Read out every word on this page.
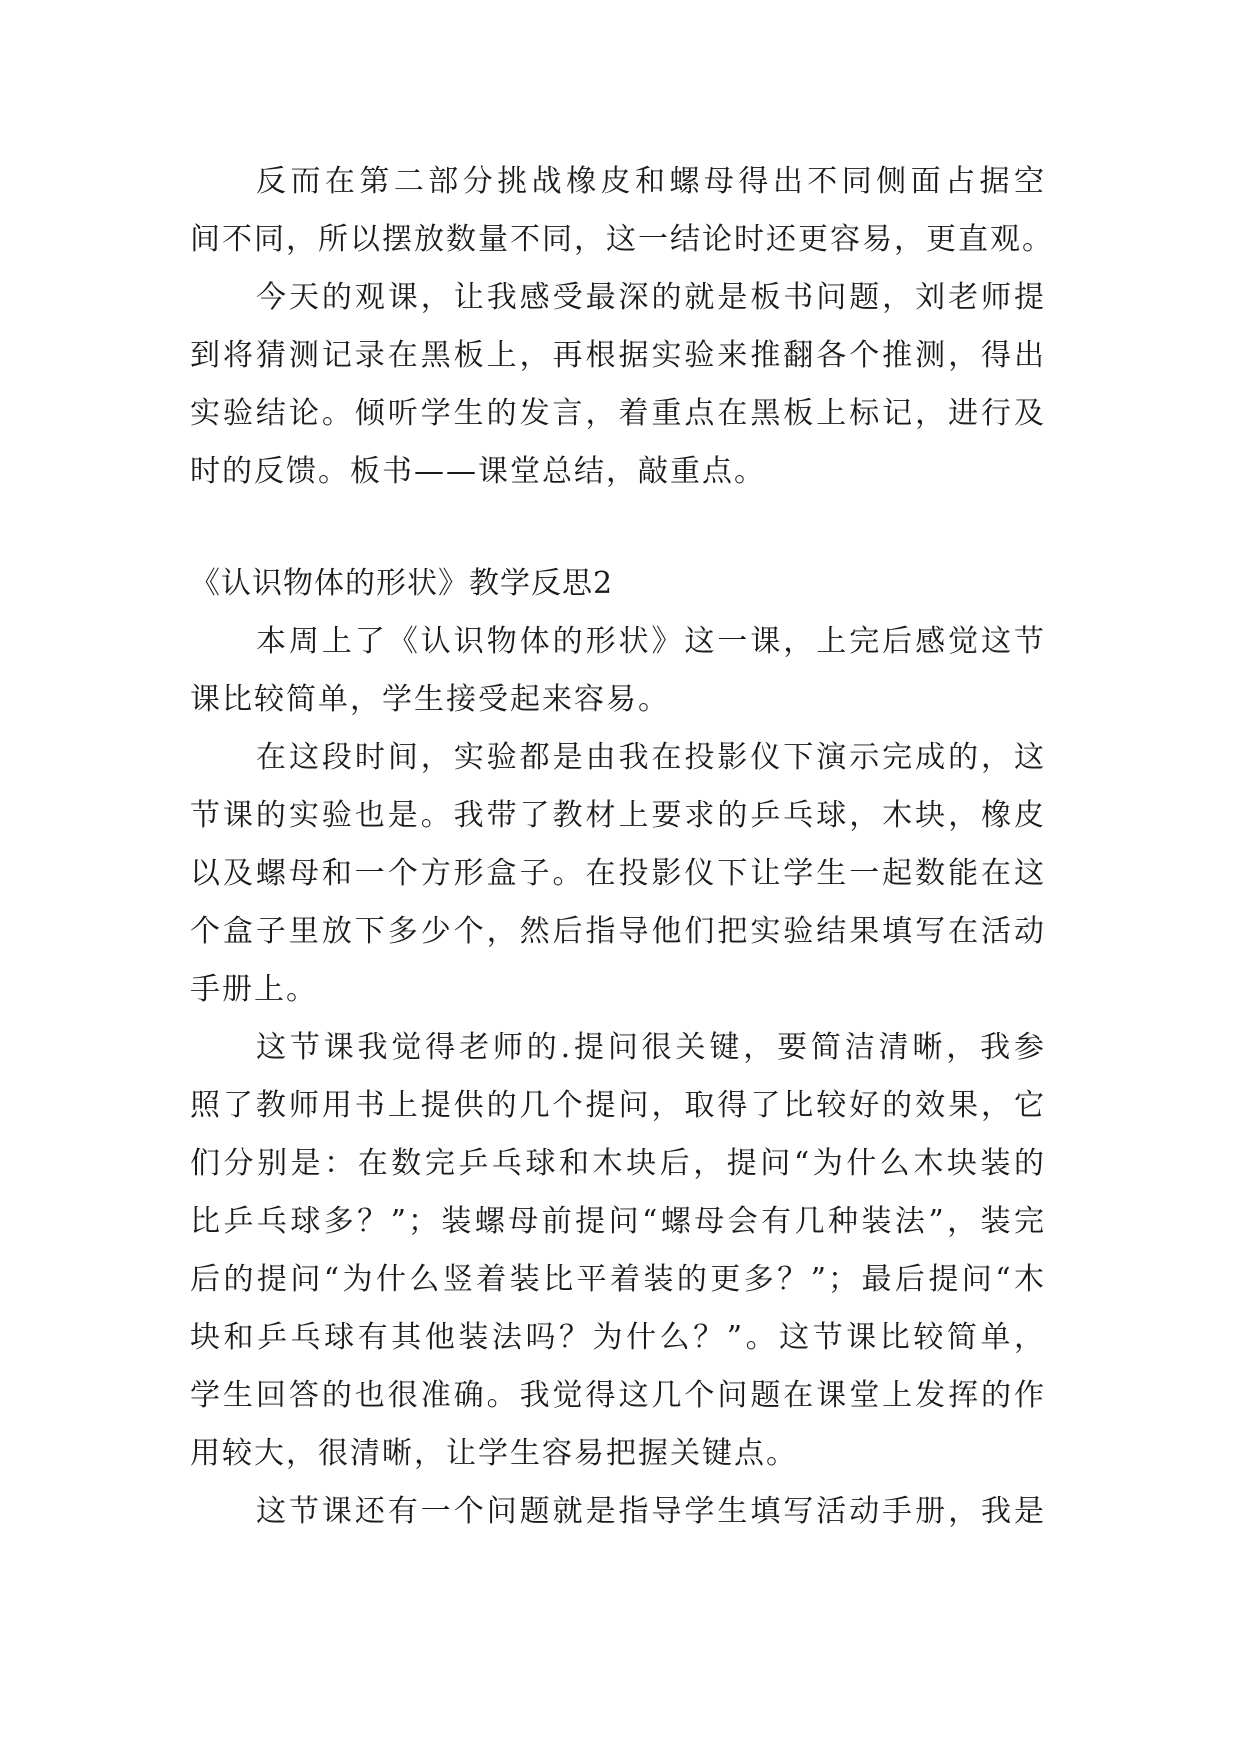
反而在第二部分挑战橡皮和螺母得出不同侧面占据空
间不同，所以摆放数量不同，这一结论时还更容易，更直观。
今天的观课，让我感受最深的就是板书问题，刘老师提
到将猜测记录在黑板上，再根据实验来推翻各个推测，得出
实验结论。倾听学生的发言，着重点在黑板上标记，进行及
时的反馈。板书——课堂总结，敲重点。
《认识物体的形状》教学反思2
本周上了《认识物体的形状》这一课，上完后感觉这节
课比较简单，学生接受起来容易。
在这段时间，实验都是由我在投影仪下演示完成的，这
节课的实验也是。我带了教材上要求的乒乓球，木块，橡皮
以及螺母和一个方形盒子。在投影仪下让学生一起数能在这
个盒子里放下多少个，然后指导他们把实验结果填写在活动
手册上。
这节课我觉得老师的.提问很关键，要简洁清晰，我参
照了教师用书上提供的几个提问，取得了比较好的效果，它
们分别是：在数完乒乓球和木块后，提问“为什么木块装的
比乒乓球多？”；装螺母前提问“螺母会有几种装法”，装完
后的提问“为什么竖着装比平着装的更多？”；最后提问“木
块和乒乓球有其他装法吗？为什么？”。这节课比较简单，
学生回答的也很准确。我觉得这几个问题在课堂上发挥的作
用较大，很清晰，让学生容易把握关键点。
这节课还有一个问题就是指导学生填写活动手册，我是
